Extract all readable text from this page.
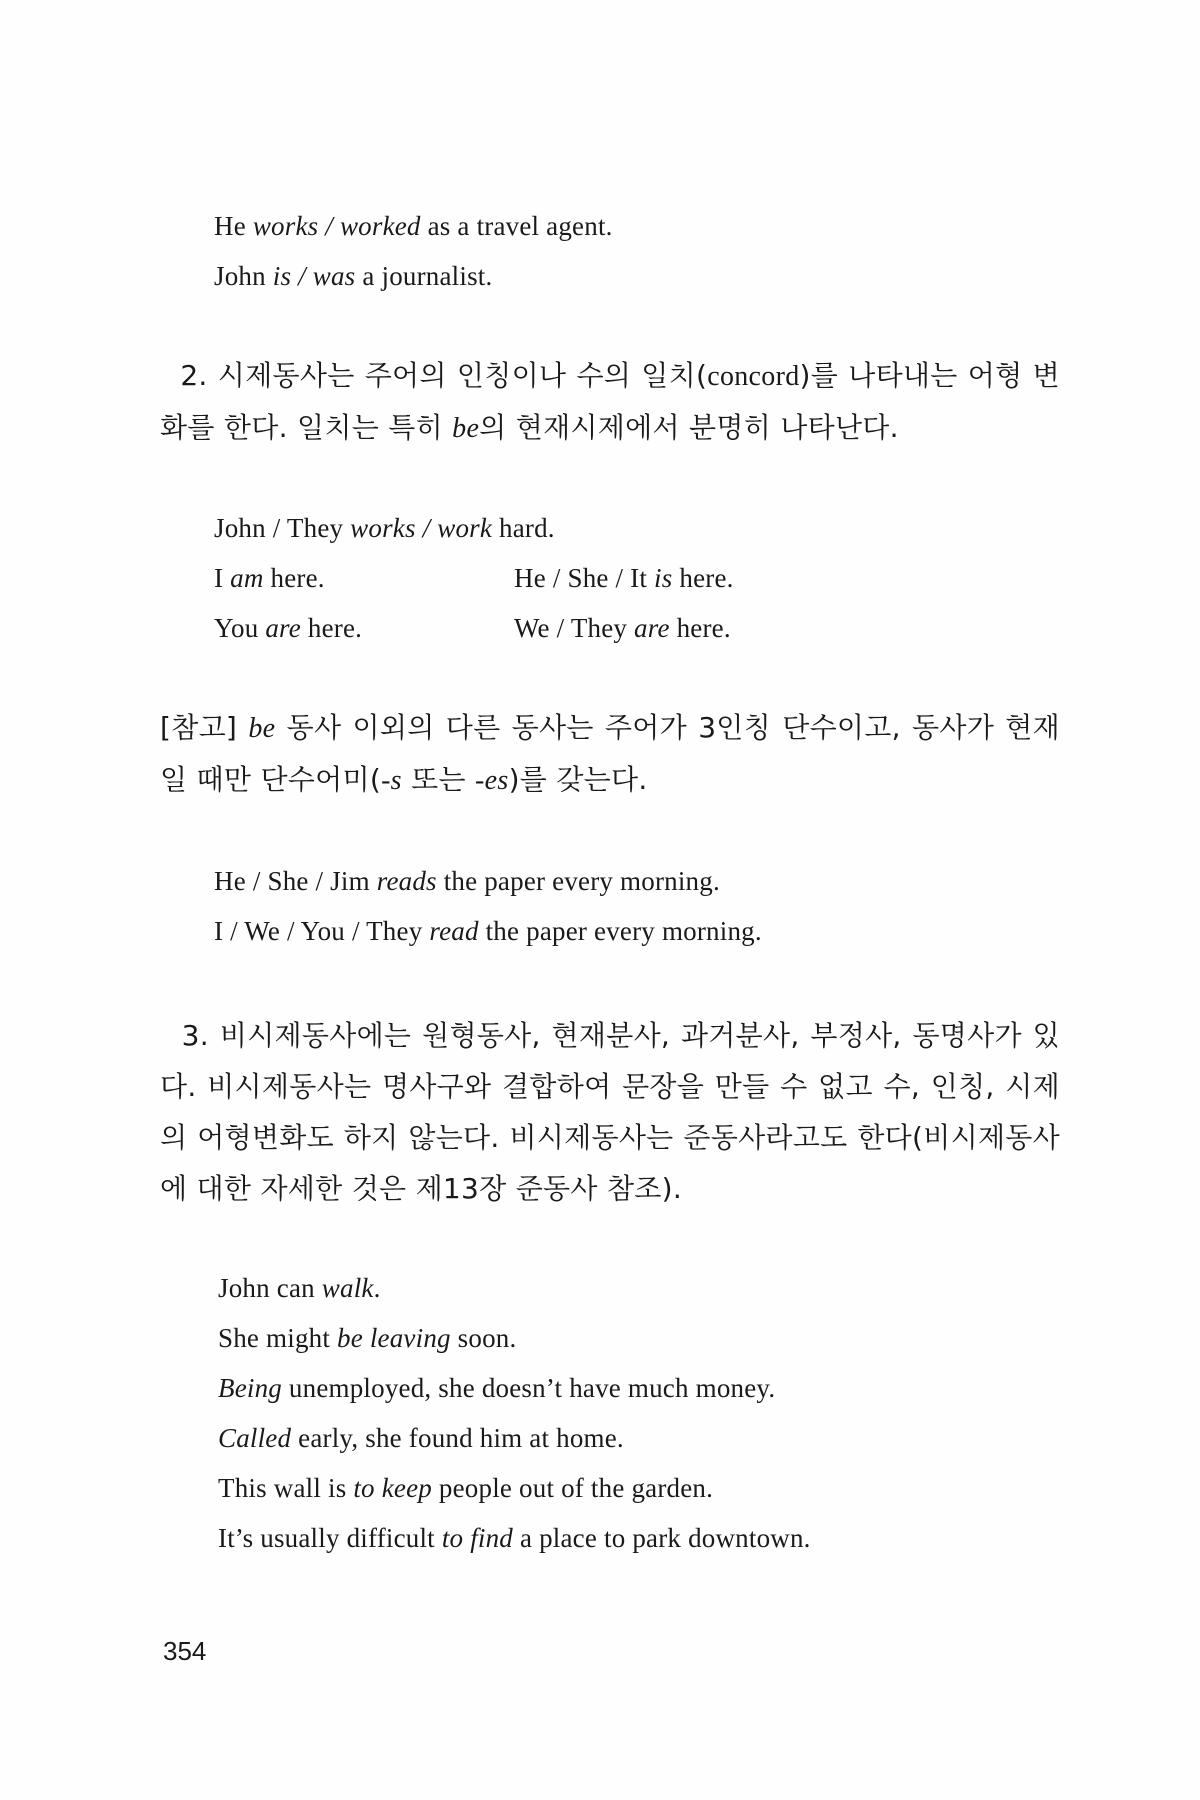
He works / worked as a travel agent.
John is / was a journalist.
2. 시제동사는 주어의 인칭이나 수의 일치(concord)를 나타내는 어형 변화를 한다. 일치는 특히 be의 현재시제에서 분명히 나타난다.
John / They works / work hard.
I am here.	He / She / It is here.
You are here.	We / They are here.
[참고] be 동사 이외의 다른 동사는 주어가 3인칭 단수이고, 동사가 현재일 때만 단수어미(-s 또는 -es)를 갖는다.
He / She / Jim reads the paper every morning.
I / We / You / They read the paper every morning.
3. 비시제동사에는 원형동사, 현재분사, 과거분사, 부정사, 동명사가 있다. 비시제동사는 명사구와 결합하여 문장을 만들 수 없고 수, 인칭, 시제의 어형변화도 하지 않는다. 비시제동사는 준동사라고도 한다(비시제동사에 대한 자세한 것은 제13장 준동사 참조).
John can walk.
She might be leaving soon.
Being unemployed, she doesn’t have much money.
Called early, she found him at home.
This wall is to keep people out of the garden.
It’s usually difficult to find a place to park downtown.
354
